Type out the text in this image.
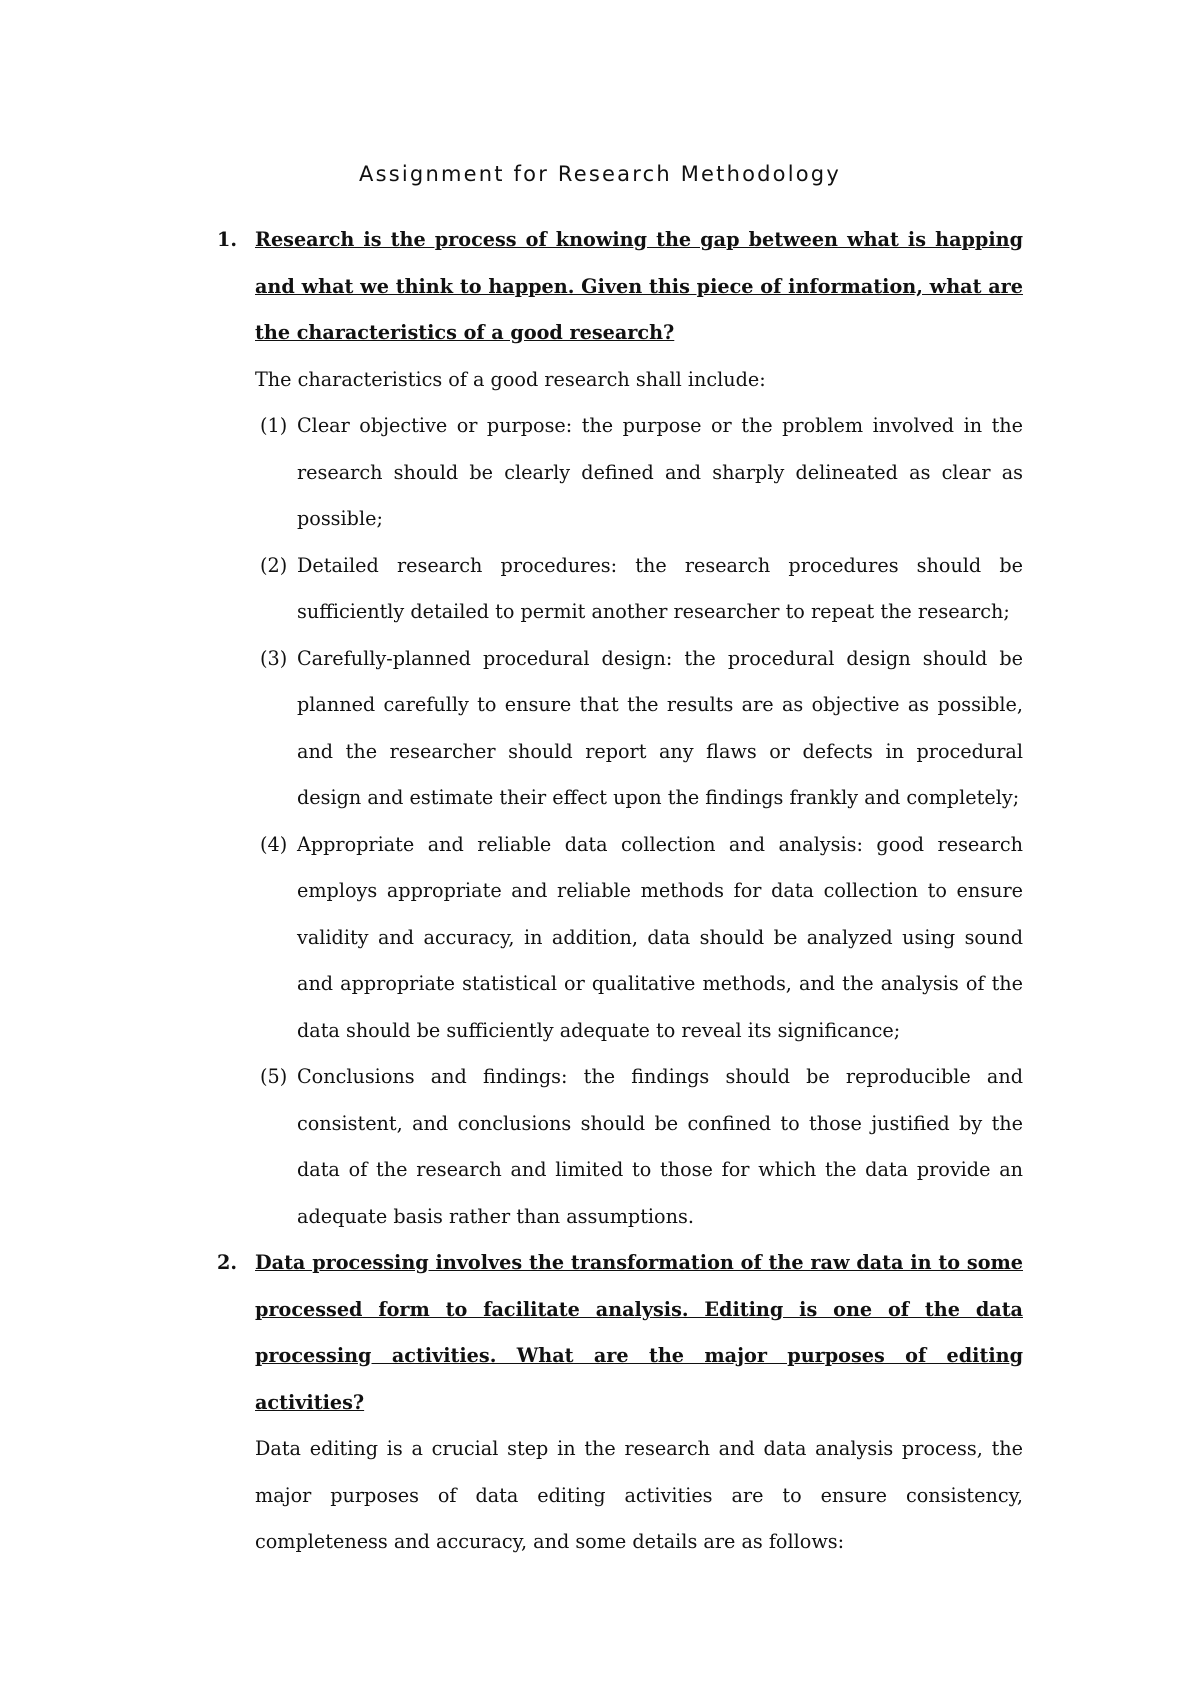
Assignment for Research Methodology
1. Research is the process of knowing the gap between what is happing and what we think to happen. Given this piece of information, what are the characteristics of a good research?
The characteristics of a good research shall include:
(1) Clear objective or purpose: the purpose or the problem involved in the research should be clearly defined and sharply delineated as clear as possible;
(2) Detailed research procedures: the research procedures should be sufficiently detailed to permit another researcher to repeat the research;
(3) Carefully-planned procedural design: the procedural design should be planned carefully to ensure that the results are as objective as possible, and the researcher should report any flaws or defects in procedural design and estimate their effect upon the findings frankly and completely;
(4) Appropriate and reliable data collection and analysis: good research employs appropriate and reliable methods for data collection to ensure validity and accuracy, in addition, data should be analyzed using sound and appropriate statistical or qualitative methods, and the analysis of the data should be sufficiently adequate to reveal its significance;
(5) Conclusions and findings: the findings should be reproducible and consistent, and conclusions should be confined to those justified by the data of the research and limited to those for which the data provide an adequate basis rather than assumptions.
2. Data processing involves the transformation of the raw data in to some processed form to facilitate analysis. Editing is one of the data processing activities. What are the major purposes of editing activities?
Data editing is a crucial step in the research and data analysis process, the major purposes of data editing activities are to ensure consistency, completeness and accuracy, and some details are as follows:
